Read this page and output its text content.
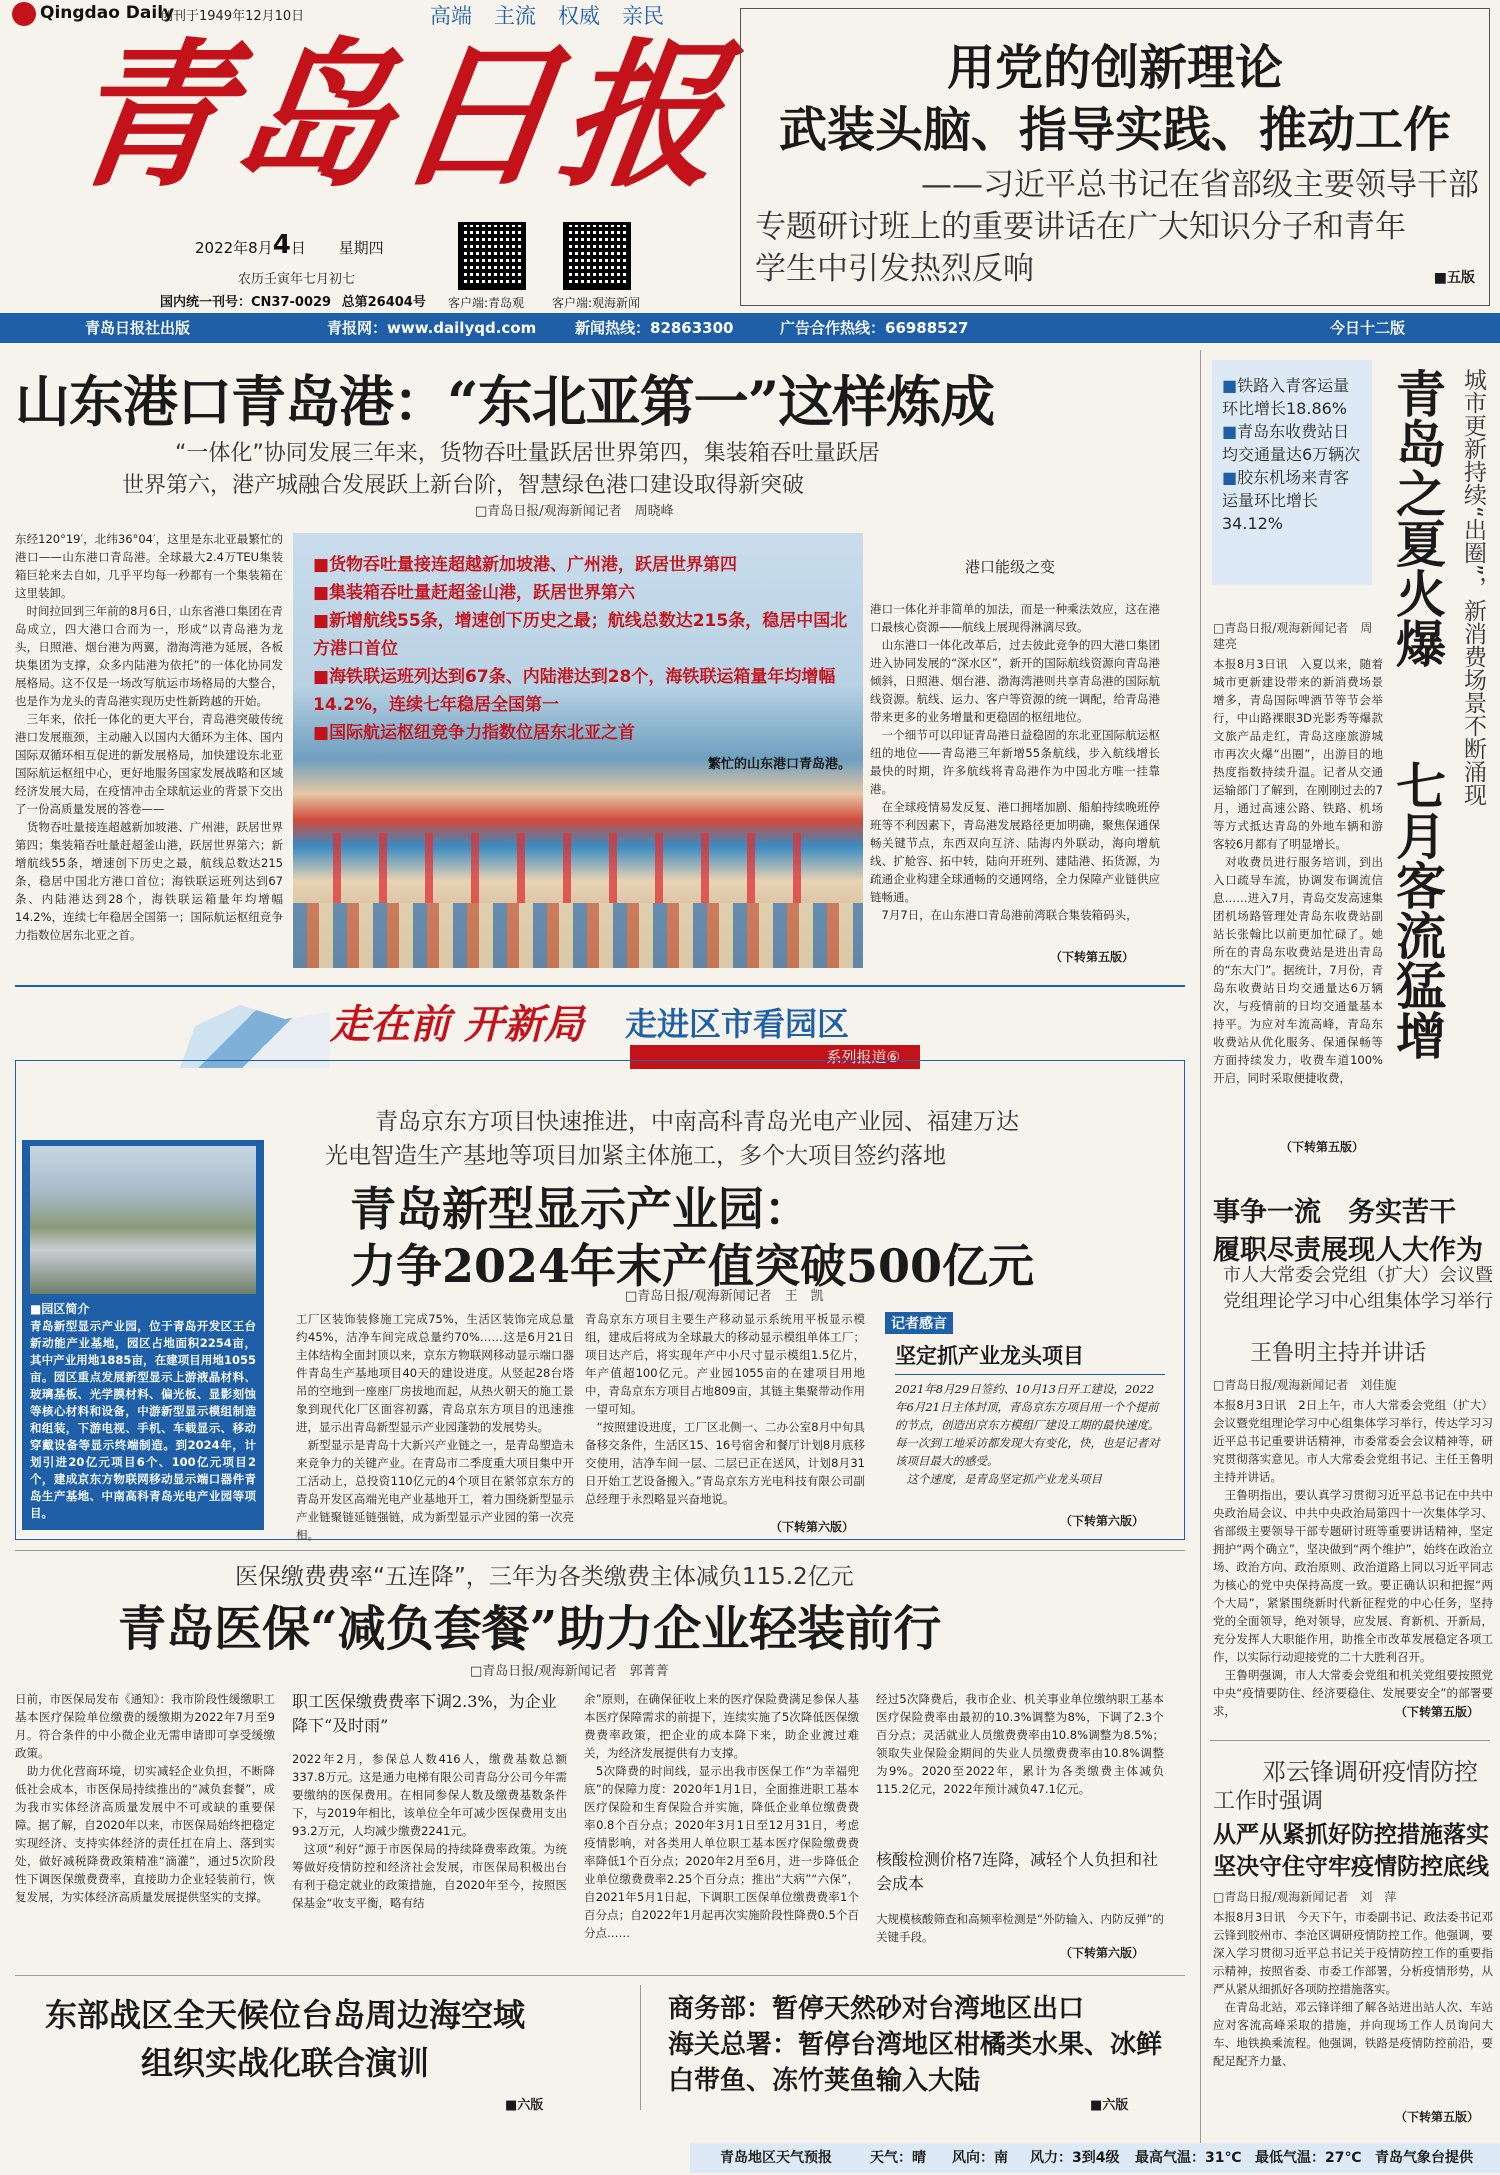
Qingdao Daily
创刊于1949年12月10日	高端 主流 权威 亲民
青岛日报
2022年8月4日 星期四
农历壬寅年七月初七
国内统一刊号：CN37-0029 总第26404号 客户端:青岛观 客户端:观海新闻
用党的创新理论
武装头脑、指导实践、推动工作
——习近平总书记在省部级主要领导干部
专题研讨班上的重要讲话在广大知识分子和青年
学生中引发热烈反响	■五版
青岛日报社出版	青报网：www.dailyqd.com	新闻热线：82863300	广告合作热线：66988527	今日十二版
山东港口青岛港：“东北亚第一”这样炼成
“一体化”协同发展三年来，货物吞吐量跃居世界第四，集装箱吞吐量跃居
世界第六，港产城融合发展跃上新台阶，智慧绿色港口建设取得新突破
□青岛日报/观海新闻记者　周晓峰
东经120°19′，北纬36°04′，这里是东北亚最繁忙的港口——山东港口青岛港。全球最大2.4万TEU集装箱巨轮来去自如，几乎平均每一秒都有一个集装箱在这里装卸。
　时间拉回到三年前的8月6日，山东省港口集团在青岛成立，四大港口合而为一，形成“以青岛港为龙头，日照港、烟台港为两翼，渤海湾港为延展，各板块集团为支撑，众多内陆港为依托”的一体化协同发展格局。这不仅是一场改写航运市场格局的大整合，也是作为龙头的青岛港实现历史性新跨越的开始。
　三年来，依托一体化的更大平台，青岛港突破传统港口发展瓶颈，主动融入以国内大循环为主体、国内国际双循环相互促进的新发展格局，加快建设东北亚国际航运枢纽中心，更好地服务国家发展战略和区域经济发展大局，在疫情冲击全球航运业的背景下交出了一份高质量发展的答卷——
　货物吞吐量接连超越新加坡港、广州港，跃居世界第四；集装箱吞吐量赶超釜山港，跃居世界第六；新增航线55条，增速创下历史之最，航线总数达215条，稳居中国北方港口首位；海铁联运班列达到67条、内陆港达到28个，海铁联运箱量年均增幅14.2%，连续七年稳居全国第一；国际航运枢纽竞争力指数位居东北亚之首。
■货物吞吐量接连超越新加坡港、广州港，跃居世界第四
■集装箱吞吐量赶超釜山港，跃居世界第六
■新增航线55条，增速创下历史之最；航线总数达215条，稳居中国北方港口首位
■海铁联运班列达到67条、内陆港达到28个，海铁联运箱量年均增幅14.2%，连续七年稳居全国第一
■国际航运枢纽竞争力指数位居东北亚之首
繁忙的山东港口青岛港。
港口能级之变
港口一体化并非简单的加法，而是一种乘法效应，这在港口最核心资源——航线上展现得淋漓尽致。
　山东港口一体化改革后，过去彼此竞争的四大港口集团进入协同发展的“深水区”，新开的国际航线资源向青岛港倾斜，日照港、烟台港、渤海湾港则共享青岛港的国际航线资源。航线、运力、客户等资源的统一调配，给青岛港带来更多的业务增量和更稳固的枢纽地位。
　一个细节可以印证青岛港日益稳固的东北亚国际航运枢纽的地位——青岛港三年新增55条航线，步入航线增长最快的时期，许多航线将青岛港作为中国北方唯一挂靠港。
　在全球疫情易发反复、港口拥堵加剧、船舶持续晚班停班等不利因素下，青岛港发展路径更加明确，聚焦保通保畅关键节点，东西双向互济、陆海内外联动，海向增航线、扩舱容、拓中转，陆向开班列、建陆港、拓货源，为疏通企业构建全球通畅的交通网络，全力保障产业链供应链畅通。
　7月7日，在山东港口青岛港前湾联合集装箱码头，
（下转第五版）
■铁路入青客运量环比增长18.86%
■青岛东收费站日均交通量达6万辆次
■胶东机场来青客运量环比增长34.12%	青岛之夏火爆
七月客流猛增
城市更新持续“出圈”，新消费场景不断涌现
□青岛日报/观海新闻记者　周建亮
本报8月3日讯　入夏以来，随着城市更新建设带来的新消费场景增多，青岛国际啤酒节等节会举行，中山路裸眼3D光影秀等爆款文旅产品走红，青岛这座旅游城市再次火爆“出圈”，出游目的地热度指数持续升温。记者从交通运输部门了解到，在刚刚过去的7月，通过高速公路、铁路、机场等方式抵达青岛的外地车辆和游客较6月都有了明显增长。
　对收费员进行服务培训，到出入口疏导车流，协调发布调流信息……进入7月，青岛交发高速集团机场路管理处青岛东收费站副站长张翰比以前更加忙碌了。她所在的青岛东收费站是进出青岛的“东大门”。据统计，7月份，青岛东收费站日均交通量达6万辆次，与疫情前的日均交通量基本持平。为应对车流高峰，青岛东收费站从优化服务、保通保畅等方面持续发力，收费车道100%开启，同时采取便捷收费，
（下转第五版）
走在前 开新局 走进区市看园区
系列报道⑥
青岛京东方项目快速推进，中南高科青岛光电产业园、福建万达
光电智造生产基地等项目加紧主体施工，多个大项目签约落地
青岛新型显示产业园：
力争2024年末产值突破500亿元
□青岛日报/观海新闻记者　王　凯
■园区简介
青岛新型显示产业园，位于青岛开发区王台新动能产业基地，园区占地面积2254亩，其中产业用地1885亩，在建项目用地1055亩。园区重点发展新型显示上游液晶材料、玻璃基板、光学膜材料、偏光板、显影刻蚀等核心材料和设备，中游新型显示模组制造和组装，下游电视、手机、车载显示、移动穿戴设备等显示终端制造。到2024年，计划引进20亿元项目6个、100亿元项目2个，建成京东方物联网移动显示端口器件青岛生产基地、中南高科青岛光电产业园等项目。
工厂区装饰装修施工完成75%，生活区装饰完成总量约45%，洁净车间完成总量约70%……这是6月21日主体结构全面封顶以来，京东方物联网移动显示端口器件青岛生产基地项目40天的建设进度。从竖起28台塔吊的空地到一座座厂房拔地而起，从热火朝天的施工景象到现代化厂区面容初露，青岛京东方项目的迅速推进，显示出青岛新型显示产业园蓬勃的发展势头。
　新型显示是青岛十大新兴产业链之一，是青岛塑造未来竞争力的关键产业。在青岛市二季度重大项目集中开工活动上，总投资110亿元的4个项目在紧邻京东方的青岛开发区高端光电产业基地开工，着力围绕新型显示产业链聚链延链强链，成为新型显示产业园的第一次亮相。
青岛京东方项目主要生产移动显示系统用平板显示模组，建成后将成为全球最大的移动显示模组单体工厂；项目达产后，将实现年产中小尺寸显示模组1.5亿片，年产值超100亿元。产业园1055亩的在建项目用地中，青岛京东方项目占地809亩，其链主集聚带动作用一望可知。
　“按照建设进度，工厂区北侧一、二办公室8月中旬具备移交条件，生活区15、16号宿舍和餐厅计划8月底移交使用，洁净车间一层、二层已正在送风，计划8月31日开始工艺设备搬入。”青岛京东方光电科技有限公司副总经理于永烈略显兴奋地说。
（下转第六版）
记者感言
坚定抓产业龙头项目
2021年8月29日签约、10月13日开工建设，2022年6月21日主体封顶，青岛京东方项目用一个个提前的节点，创造出京东方模组厂建设工期的最快速度。每一次到工地采访都发现大有变化，快，也是记者对该项目最大的感受。
　这个速度，是青岛坚定抓产业龙头项目
（下转第六版）
事争一流　务实苦干
履职尽责展现人大作为
市人大常委会党组（扩大）会议暨党组理论学习中心组集体学习举行
王鲁明主持并讲话
□青岛日报/观海新闻记者　刘佳旎
本报8月3日讯　2日上午，市人大常委会党组（扩大）会议暨党组理论学习中心组集体学习举行，传达学习习近平总书记重要讲话精神，市委常委会会议精神等，研究贯彻落实意见。市人大常委会党组书记、主任王鲁明主持并讲话。
　王鲁明指出，要认真学习贯彻习近平总书记在中共中央政治局会议、中共中央政治局第四十一次集体学习、省部级主要领导干部专题研讨班等重要讲话精神，坚定拥护“两个确立”，坚决做到“两个维护”，始终在政治立场、政治方向、政治原则、政治道路上同以习近平同志为核心的党中央保持高度一致。要正确认识和把握“两个大局”，紧紧围绕新时代新征程党的中心任务，坚持党的全面领导，绝对领导，应发展、育新机、开新局，充分发挥人大职能作用，助推全市改革发展稳定各项工作，以实际行动迎接党的二十大胜利召开。
　王鲁明强调，市人大常委会党组和机关党组要按照党中央“疫情要防住、经济要稳住、发展要安全”的部署要求，	（下转第五版）
医保缴费费率“五连降”，三年为各类缴费主体减负115.2亿元
青岛医保“减负套餐”助力企业轻装前行
□青岛日报/观海新闻记者　郭菁菁
日前，市医保局发布《通知》：我市阶段性缓缴职工基本医疗保险单位缴费的缓缴期为2022年7月至9月。符合条件的中小微企业无需申请即可享受缓缴政策。
　助力优化营商环境，切实减轻企业负担，不断降低社会成本，市医保局持续推出的“减负套餐”，成为我市实体经济高质量发展中不可或缺的重要保障。据了解，自2020年以来，市医保局始终把稳定实现经济、支持实体经济的责任扛在肩上、落到实处，做好减税降费政策精准“滴灌”，通过5次阶段性下调医保缴费费率，直接助力企业轻装前行，恢复发展，为实体经济高质量发展提供坚实的支撑。
职工医保缴费费率下调2.3%，为企业降下“及时雨”
2022年2月，参保总人数416人，缴费基数总额337.8万元。这是通力电梯有限公司青岛分公司今年需要缴纳的医保费用。在相同参保人数及缴费基数条件下，与2019年相比，该单位全年可减少医保费用支出93.2万元，人均减少缴费2241元。
　这项“利好”源于市医保局的持续降费率政策。为统筹做好疫情防控和经济社会发展，市医保局积极出台有利于稳定就业的政策措施，自2020年至今，按照医保基金“收支平衡，略有结
余”原则，在确保征收上来的医疗保险费满足参保人基本医疗保障需求的前提下，连续实施了5次降低医保缴费费率政策，把企业的成本降下来，助企业渡过难关，为经济发展提供有力支撑。
　5次降费的时间线，显示出我市医保工作“为幸福兜底”的保障力度：2020年1月1日，全面推进职工基本医疗保险和生育保险合并实施，降低企业单位缴费费率0.8个百分点；2020年3月1日至12月31日，考虑疫情影响，对各类用人单位职工基本医疗保险缴费费率降低1个百分点；2020年2月至6月，进一步降低企业单位缴费费率2.25个百分点；推出“大病”“六保”，自2021年5月1日起，下调职工医保单位缴费费率1个百分点；自2022年1月起再次实施阶段性降费0.5个百分点……
经过5次降费后，我市企业、机关事业单位缴纳职工基本医疗保险费率由最初的10.3%调整为8%，下调了2.3个百分点；灵活就业人员缴费费率由10.8%调整为8.5%；领取失业保险金期间的失业人员缴费费率由10.8%调整为9%。2020至2022年，累计为各类缴费主体减负115.2亿元，2022年预计减负47.1亿元。
核酸检测价格7连降，减轻个人负担和社会成本
大规模核酸筛查和高频率检测是“外防输入、内防反弹”的关键手段。
（下转第六版）
邓云锋调研疫情防控
工作时强调
从严从紧抓好防控措施落实
坚决守住守牢疫情防控底线
□青岛日报/观海新闻记者　刘　萍
本报8月3日讯　今天下午，市委副书记、政法委书记邓云锋到胶州市、李沧区调研疫情防控工作。他强调，要深入学习贯彻习近平总书记关于疫情防控工作的重要指示精神，按照省委、市委工作部署，分析疫情形势，从严从紧从细抓好各项防控措施落实。
　在青岛北站，邓云锋详细了解各站进出站人次、车站应对客流高峰采取的措施，并向现场工作人员询问大车、地铁换乘流程。他强调，铁路是疫情防控前沿，要配足配齐力量、
（下转第五版）
东部战区全天候位台岛周边海空域
组织实战化联合演训
■六版
商务部：暂停天然砂对台湾地区出口
海关总署：暂停台湾地区柑橘类水果、冰鲜
白带鱼、冻竹荚鱼输入大陆
■六版
青岛地区天气预报	天气：晴 风向：南 风力：3到4级 最高气温：31℃ 最低气温：27℃ 青岛气象台提供
